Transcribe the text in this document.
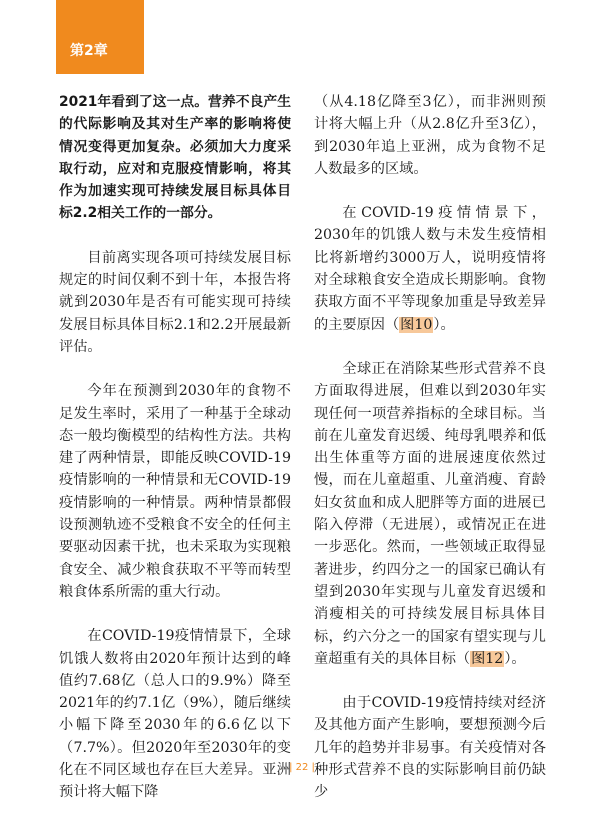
第2章

2021年看到了这一点。营养不良产生的代际影响及其对生产率的影响将使情况变得更加复杂。必须加大力度采取行动，应对和克服疫情影响，将其作为加速实现可持续发展目标具体目标2.2相关工作的一部分。

目前离实现各项可持续发展目标规定的时间仅剩不到十年，本报告将就到2030年是否有可能实现可持续发展目标具体目标2.1和2.2开展最新评估。

今年在预测到2030年的食物不足发生率时，采用了一种基于全球动态一般均衡模型的结构性方法。共构建了两种情景，即能反映COVID-19疫情影响的一种情景和无COVID-19疫情影响的一种情景。两种情景都假设预测轨迹不受粮食不安全的任何主要驱动因素干扰，也未采取为实现粮食安全、减少粮食获取不平等而转型粮食体系所需的重大行动。

在COVID-19疫情情景下，全球饥饿人数将由2020年预计达到的峰值约7.68亿（总人口的9.9%）降至2021年的约7.1亿（9%），随后继续小幅下降至2030年的6.6亿以下（7.7%）。但2020年至2030年的变化在不同区域也存在巨大差异。亚洲预计将大幅下降

（从4.18亿降至3亿），而非洲则预计将大幅上升（从2.8亿升至3亿），到2030年追上亚洲，成为食物不足人数最多的区域。

在COVID-19疫情情景下，2030年的饥饿人数与未发生疫情相比将新增约3000万人，说明疫情将对全球粮食安全造成长期影响。食物获取方面不平等现象加重是导致差异的主要原因（图10）。

全球正在消除某些形式营养不良方面取得进展，但难以到2030年实现任何一项营养指标的全球目标。当前在儿童发育迟缓、纯母乳喂养和低出生体重等方面的进展速度依然过慢，而在儿童超重、儿童消瘦、育龄妇女贫血和成人肥胖等方面的进展已陷入停滞（无进展），或情况正在进一步恶化。然而，一些领域正取得显著进步，约四分之一的国家已确认有望到2030年实现与儿童发育迟缓和消瘦相关的可持续发展目标具体目标，约六分之一的国家有望实现与儿童超重有关的具体目标（图12）。

由于COVID-19疫情持续对经济及其他方面产生影响，要想预测今后几年的趋势并非易事。有关疫情对各种形式营养不良的实际影响目前仍缺少

| 22 |
